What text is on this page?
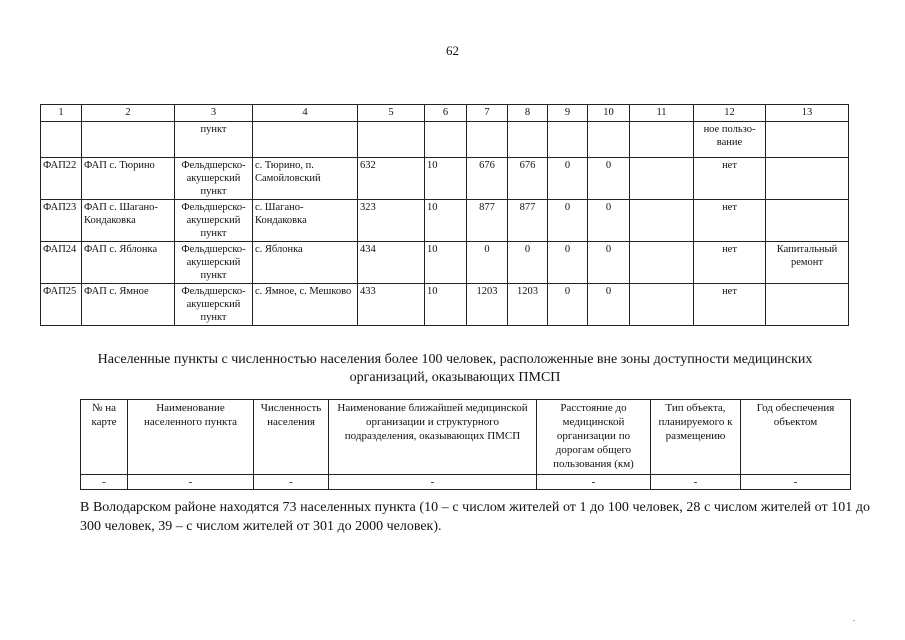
62
1	2	3	4	5	6	7	8	9	10	11	12	13
		пункт									ное пользо-вание	
ФАП22	ФАП с. Тюрино	Фельдшерско-акушерский пункт	с. Тюрино, п. Самойловский	632	10	676	676	0	0		нет	
ФАП23	ФАП с. Шагано-Кондаковка	Фельдшерско-акушерский пункт	с. Шагано-Кондаковка	323	10	877	877	0	0		нет	
ФАП24	ФАП с. Яблонка	Фельдшерско-акушерский пункт	с. Яблонка	434	10	0	0	0	0		нет	Капитальный ремонт
ФАП25	ФАП с. Ямное	Фельдшерско-акушерский пункт	с. Ямное, с. Мешково	433	10	1203	1203	0	0		нет	
Населенные пункты с численностью населения более 100 человек, расположенные вне зоны доступности медицинских организаций, оказывающих ПМСП
№ на карте	Наименование населенного пункта	Численность населения	Наименование ближайшей медицинской организации и структурного подразделения, оказывающих ПМСП	Расстояние до медицинской организации по дорогам общего пользования (км)	Тип объекта, планируемого к размещению	Год обеспечения объектом
-	-	-	-	-	-	-
В Володарском районе находятся 73 населенных пункта (10 – с числом жителей от 1 до 100 человек, 28 с числом жителей от 101 до 300 человек, 39 – с числом жителей от 301 до 2000 человек).
.
